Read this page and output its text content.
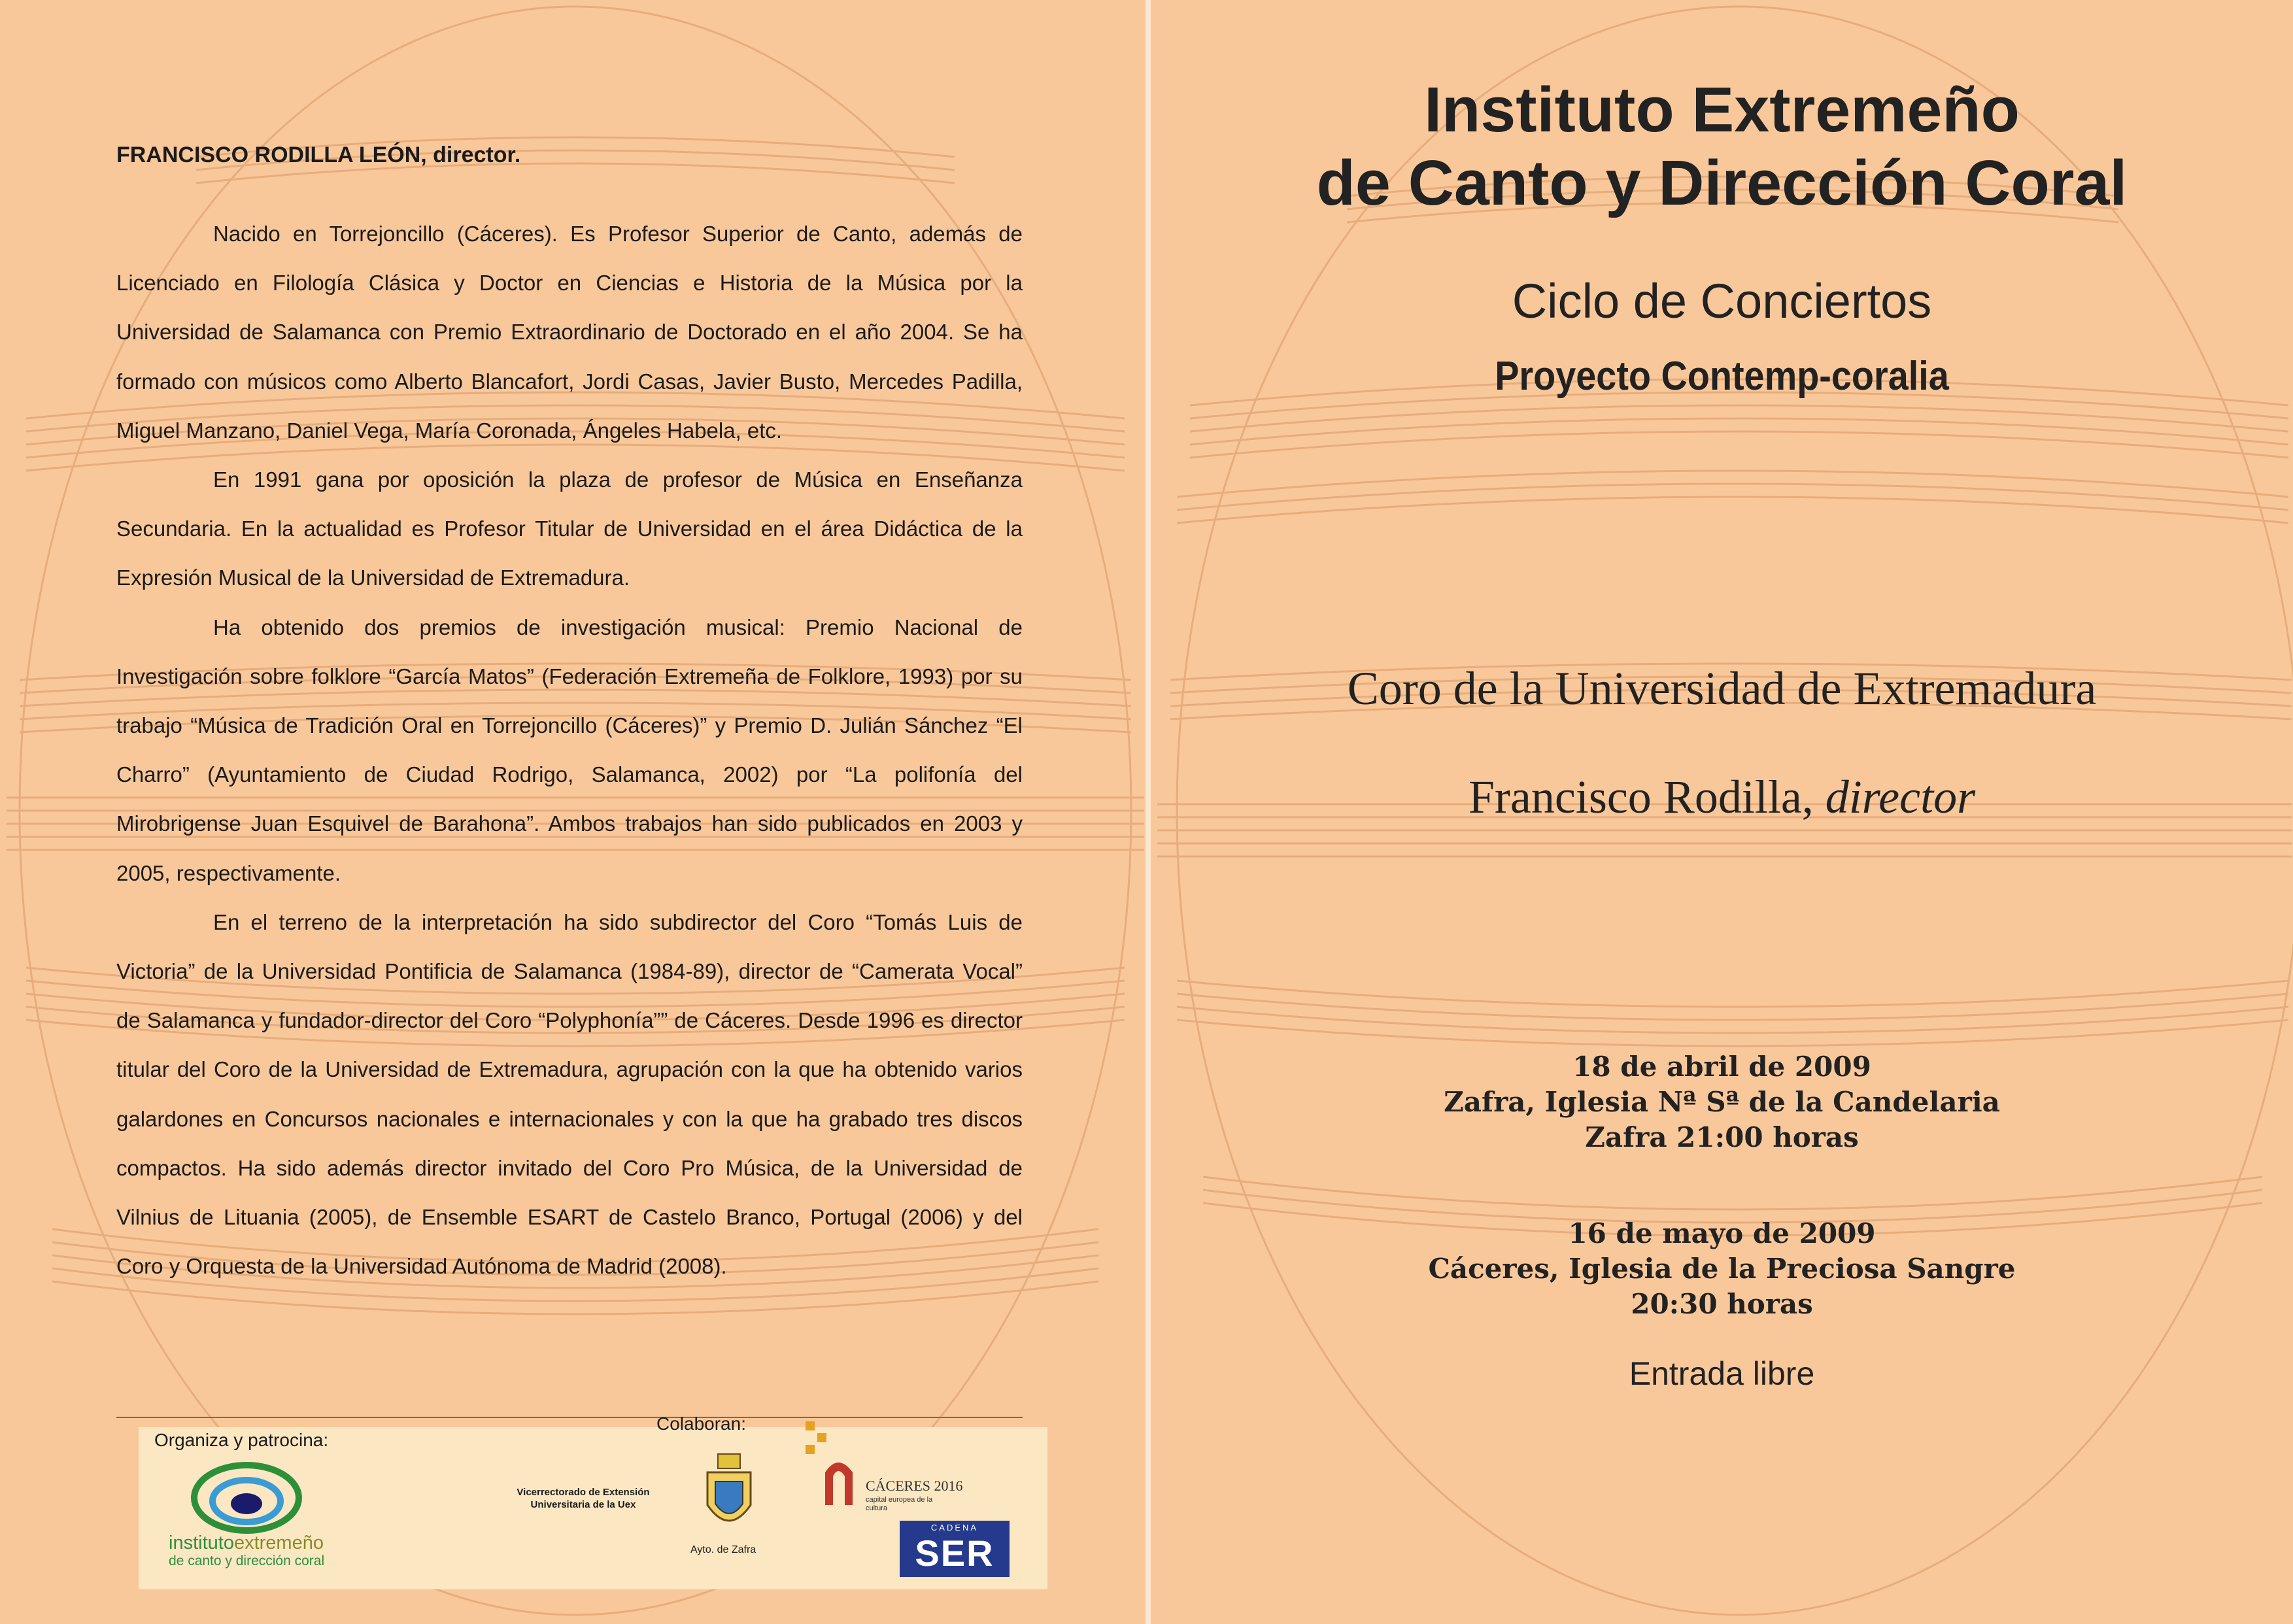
FRANCISCO RODILLA LEÓN, director.

Nacido en Torrejoncillo (Cáceres). Es Profesor Superior de Canto, además de Licenciado en Filología Clásica y Doctor en Ciencias e Historia de la Música por la Universidad de Salamanca con Premio Extraordinario de Doctorado en el año 2004. Se ha formado con músicos como Alberto Blancafort, Jordi Casas, Javier Busto, Mercedes Padilla, Miguel Manzano, Daniel Vega, María Coronada, Ángeles Habela, etc.

En 1991 gana por oposición la plaza de profesor de Música en Enseñanza Secundaria. En la actualidad es Profesor Titular de Universidad en el área Didáctica de la Expresión Musical de la Universidad de Extremadura.

Ha obtenido dos premios de investigación musical: Premio Nacional de Investigación sobre folklore “García Matos” (Federación Extremeña de Folklore, 1993) por su trabajo “Música de Tradición Oral en Torrejoncillo (Cáceres)” y Premio D. Julián Sánchez “El Charro” (Ayuntamiento de Ciudad Rodrigo, Salamanca, 2002) por “La polifonía del Mirobrigense Juan Esquivel de Barahona”. Ambos trabajos han sido publicados en 2003 y 2005, respectivamente.

En el terreno de la interpretación ha sido subdirector del Coro “Tomás Luis de Victoria” de la Universidad Pontificia de Salamanca (1984-89), director de “Camerata Vocal” de Salamanca y fundador-director del Coro “Polyphonía”” de Cáceres. Desde 1996 es director titular del Coro de la Universidad de Extremadura, agrupación con la que ha obtenido varios galardones en Concursos nacionales e internacionales y con la que ha grabado tres discos compactos. Ha sido además director invitado del Coro Pro Música, de la Universidad de Vilnius de Lituania (2005), de Ensemble ESART de Castelo Branco, Portugal (2006) y del Coro y Orquesta de la Universidad Autónoma de Madrid (2008).

Organiza y patrocina:
Colaboran:
institutoextremeño
de canto y dirección coral
Vicerrectorado de Extensión Universitaria de la Uex
Ayto. de Zafra
CÁCERES 2016
capital europea de la cultura
CADENA
SER
Instituto Extremeño
de Canto y Dirección Coral
Ciclo de Conciertos
Proyecto Contemp-coralia
Coro de la Universidad de Extremadura
Francisco Rodilla, director
18 de abril de 2009
Zafra, Iglesia Nª Sª de la Candelaria
Zafra 21:00 horas
16 de mayo de 2009
Cáceres, Iglesia de la Preciosa Sangre
20:30 horas
Entrada libre
